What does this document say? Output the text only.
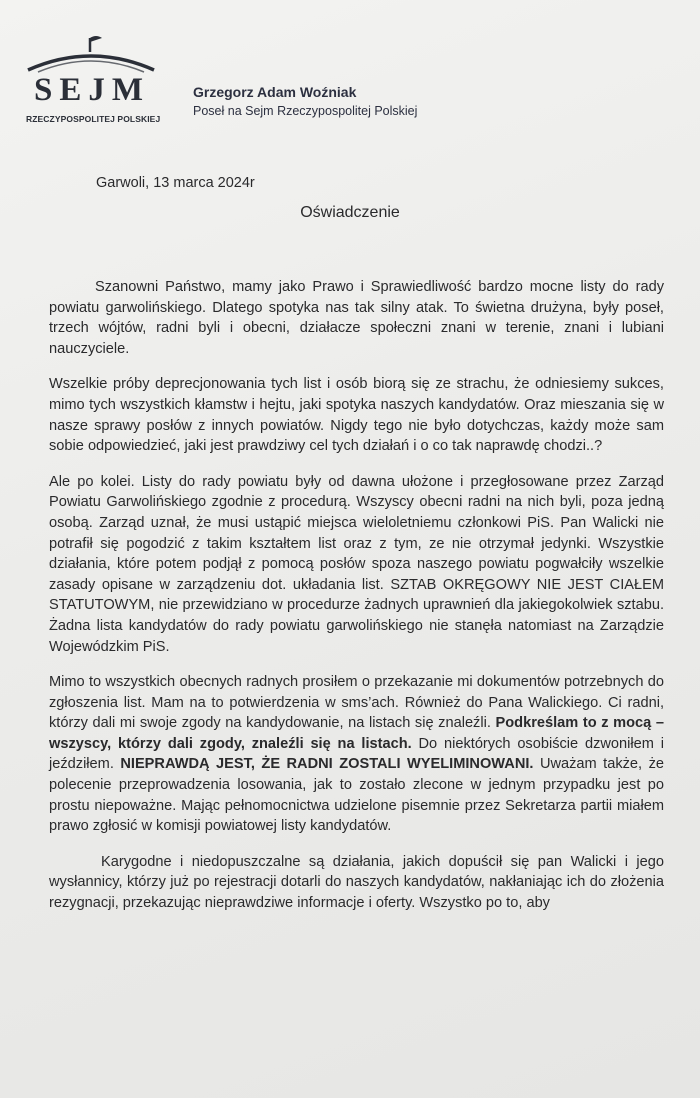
SEJM
RZECZYPOSPOLITEJ POLSKIEJ
Grzegorz Adam Woźniak
Poseł na Sejm Rzeczypospolitej Polskiej
Garwoli, 13 marca 2024r
Oświadczenie

Szanowni Państwo, mamy jako Prawo i Sprawiedliwość bardzo mocne listy do rady powiatu garwolińskiego. Dlatego spotyka nas tak silny atak. To świetna drużyna, były poseł, trzech wójtów, radni byli i obecni, działacze społeczni znani w terenie, znani i lubiani nauczyciele.

Wszelkie próby deprecjonowania tych list i osób biorą się ze strachu, że odniesiemy sukces, mimo tych wszystkich kłamstw i hejtu, jaki spotyka naszych kandydatów. Oraz mieszania się w nasze sprawy posłów z innych powiatów. Nigdy tego nie było dotychczas, każdy może sam sobie odpowiedzieć, jaki jest prawdziwy cel tych działań i o co tak naprawdę chodzi..?

Ale po kolei. Listy do rady powiatu były od dawna ułożone i przegłosowane przez Zarząd Powiatu Garwolińskiego zgodnie z procedurą. Wszyscy obecni radni na nich byli, poza jedną osobą. Zarząd uznał, że musi ustąpić miejsca wieloletniemu członkowi PiS. Pan Walicki nie potrafił się pogodzić z takim kształtem list oraz z tym, ze nie otrzymał jedynki. Wszystkie działania, które potem podjął z pomocą posłów spoza naszego powiatu pogwałciły wszelkie zasady opisane w zarządzeniu dot. układania list. SZTAB OKRĘGOWY NIE JEST CIAŁEM STATUTOWYM, nie przewidziano w procedurze żadnych uprawnień dla jakiegokolwiek sztabu. Żadna lista kandydatów do rady powiatu garwolińskiego nie stanęła natomiast na Zarządzie Wojewódzkim PiS.

Mimo to wszystkich obecnych radnych prosiłem o przekazanie mi dokumentów potrzebnych do zgłoszenia list. Mam na to potwierdzenia w sms’ach. Również do Pana Walickiego. Ci radni, którzy dali mi swoje zgody na kandydowanie, na listach się znaleźli. Podkreślam to z mocą – wszyscy, którzy dali zgody, znaleźli się na listach. Do niektórych osobiście dzwoniłem i jeździłem. NIEPRAWDĄ JEST, ŻE RADNI ZOSTALI WYELIMINOWANI. Uważam także, że polecenie przeprowadzenia losowania, jak to zostało zlecone w jednym przypadku jest po prostu niepoważne. Mając pełnomocnictwa udzielone pisemnie przez Sekretarza partii miałem prawo zgłosić w komisji powiatowej listy kandydatów.

Karygodne i niedopuszczalne są działania, jakich dopuścił się pan Walicki i jego wysłannicy, którzy już po rejestracji dotarli do naszych kandydatów, nakłaniając ich do złożenia rezygnacji, przekazując nieprawdziwe informacje i oferty. Wszystko po to, aby
